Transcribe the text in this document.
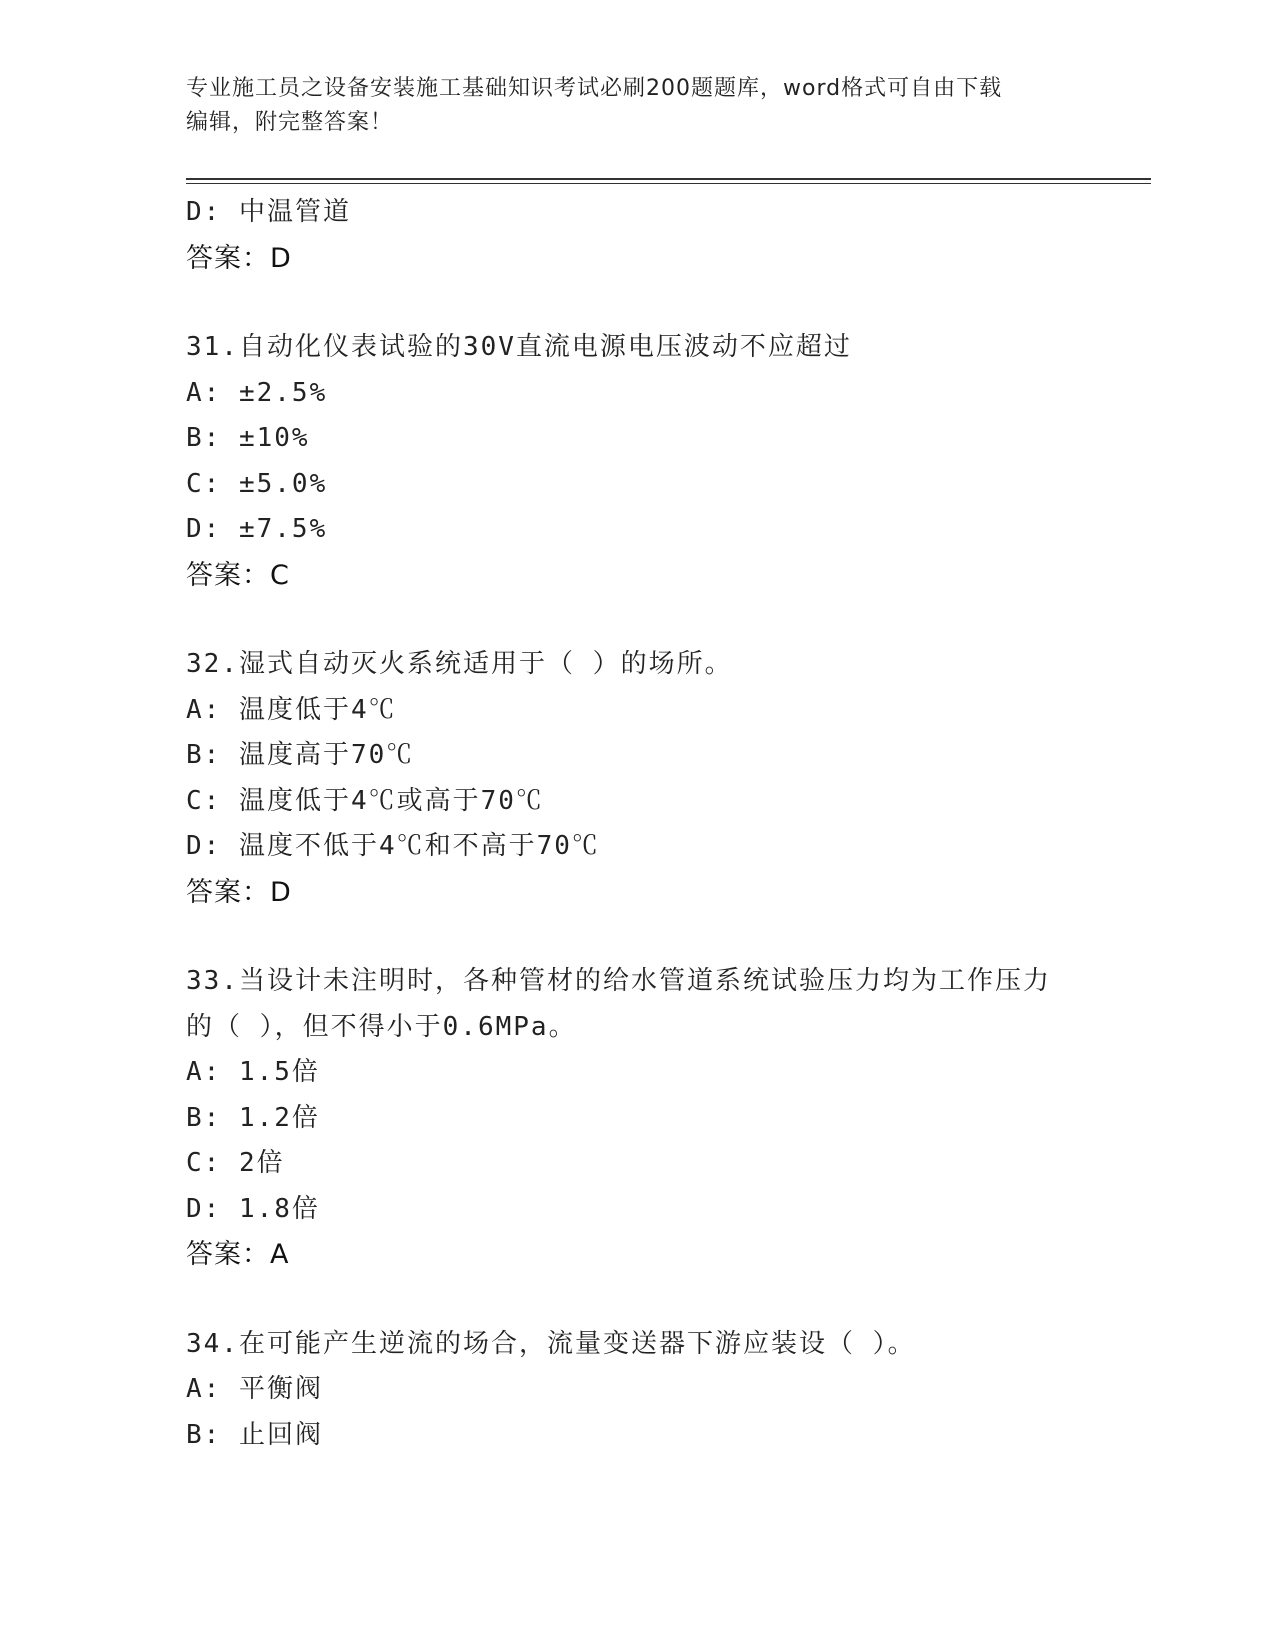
专业施工员之设备安装施工基础知识考试必刷200题题库，word格式可自由下载
编辑，附完整答案！
D: 中温管道
答案：D
31.自动化仪表试验的30V直流电源电压波动不应超过
A: ±2.5%
B: ±10%
C: ±5.0%
D: ±7.5%
答案：C
32.湿式自动灭火系统适用于（ ）的场所。
A: 温度低于4℃
B: 温度高于70℃
C: 温度低于4℃或高于70℃
D: 温度不低于4℃和不高于70℃
答案：D
33.当设计未注明时，各种管材的给水管道系统试验压力均为工作压力
的（ ），但不得小于0.6MPa。
A: 1.5倍
B: 1.2倍
C: 2倍
D: 1.8倍
答案：A
34.在可能产生逆流的场合，流量变送器下游应装设（ ）。
A: 平衡阀
B: 止回阀
